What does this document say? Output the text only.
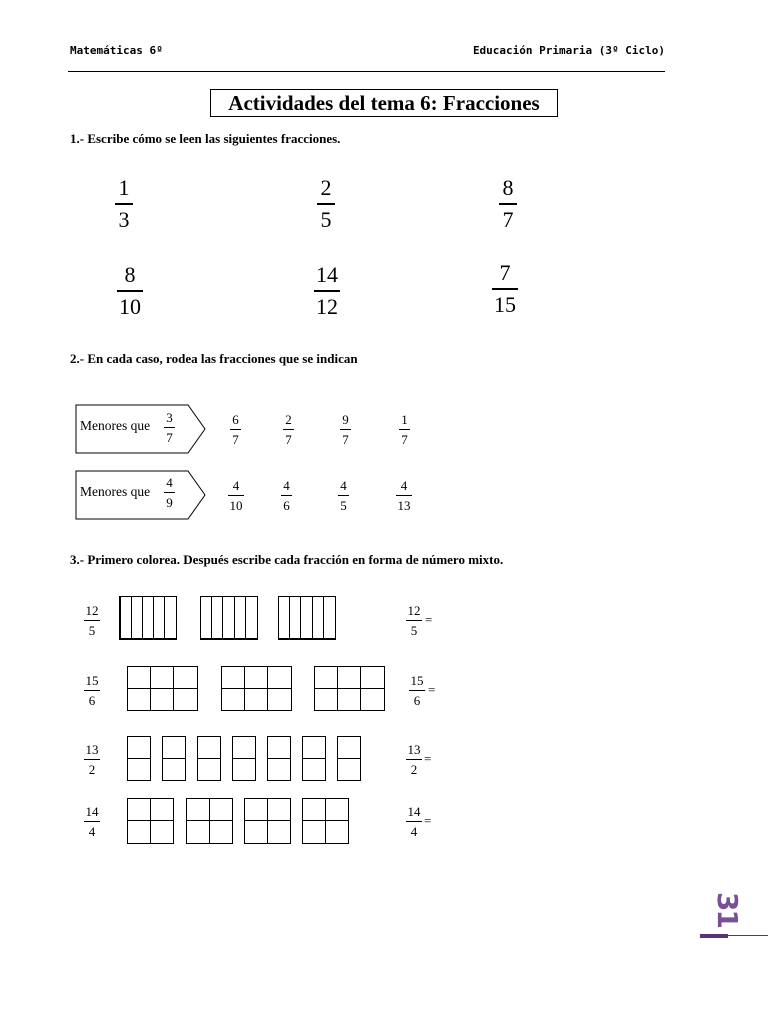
Matemáticas 6º	Educación Primaria (3º Ciclo)
Actividades del tema 6: Fracciones
1.- Escribe cómo se leen las siguientes fracciones.
1
3
2
5
8
7
8
10
14
12
7
15
2.- En cada caso, rodea las fracciones que se indican
Menores que
3
7
6
7
2
7
9
7
1
7
Menores que
4
9
4
10
4
6
4
5
4
13
3.- Primero colorea. Después escribe cada fracción en forma de número mixto.
12
5
12
5
=
15
6
15
6
=
13
2
13
2
=
14
4
14
4
=
31
